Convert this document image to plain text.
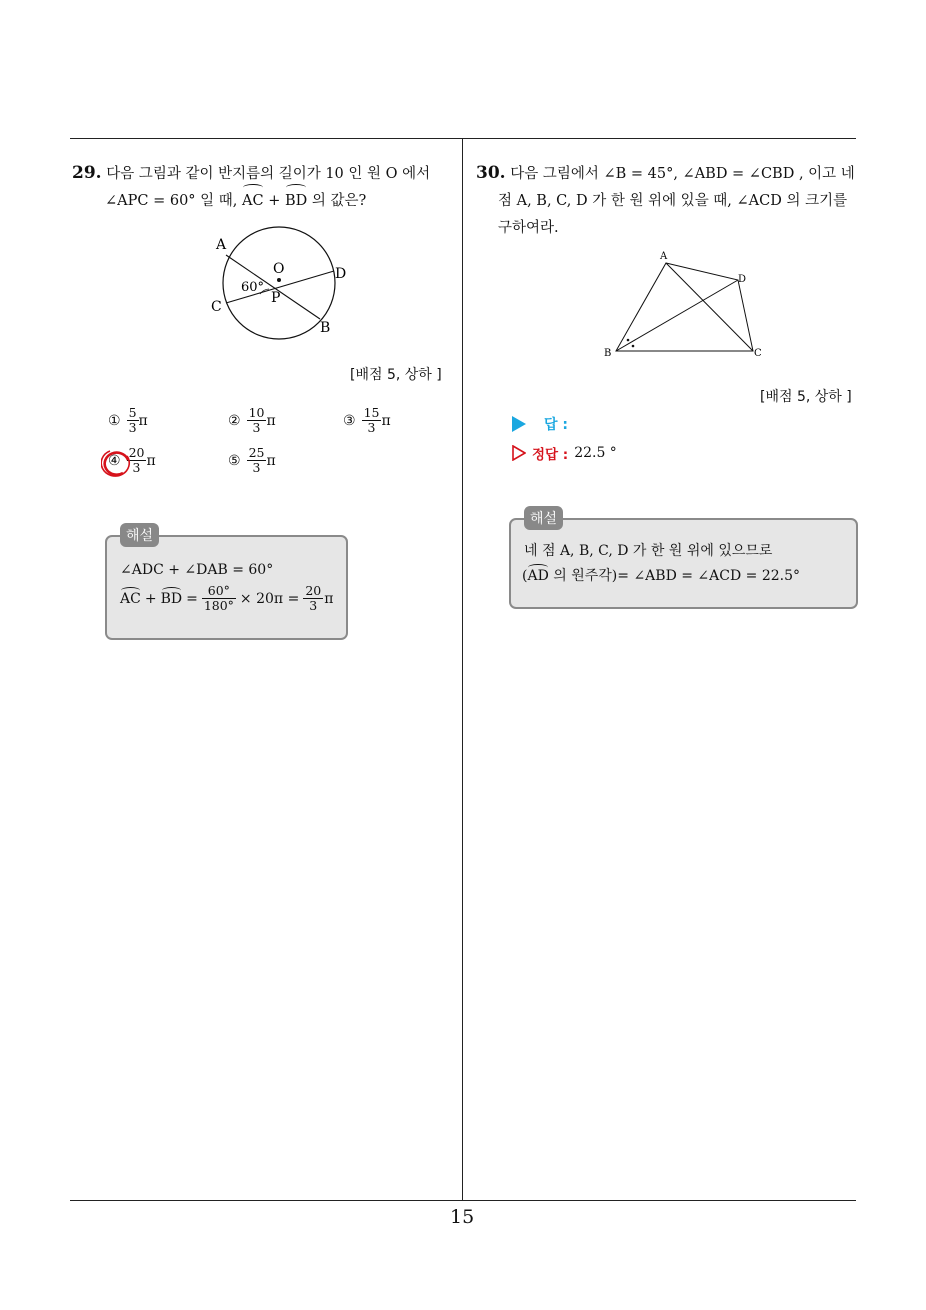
15
29. 다음 그림과 같이 반지름의 길이가 10 인 원 O 에서
∠APC = 60° 일 때, AC + BD 의 값은?
A
O	D
60°
P
C
B
[배점 5, 상하 ]
① $\frac{5}{3}$ π	② $\frac{10}{3}$ π	③ $\frac{15}{3}$ π
④ $\frac{20}{3}$ π	⑤ $\frac{25}{3}$ π
해설
∠ADC + ∠DAB = 60°
AC + BD = $\frac{60^\circ}{180^\circ} \times 20\pi = \frac{20}{3}$ π
30. 다음 그림에서 ∠B = 45°, ∠ABD = ∠CBD , 이고 네
점 A, B, C, D 가 한 원 위에 있을 때, ∠ACD 의 크기를
구하여라.
A
D
B	C
[배점 5, 상하 ]
답 :
정답 : 22.5 °
해설
네 점 A, B, C, D 가 한 원 위에 있으므로
(AD 의 원주각)= ∠ABD = ∠ACD = 22.5°
